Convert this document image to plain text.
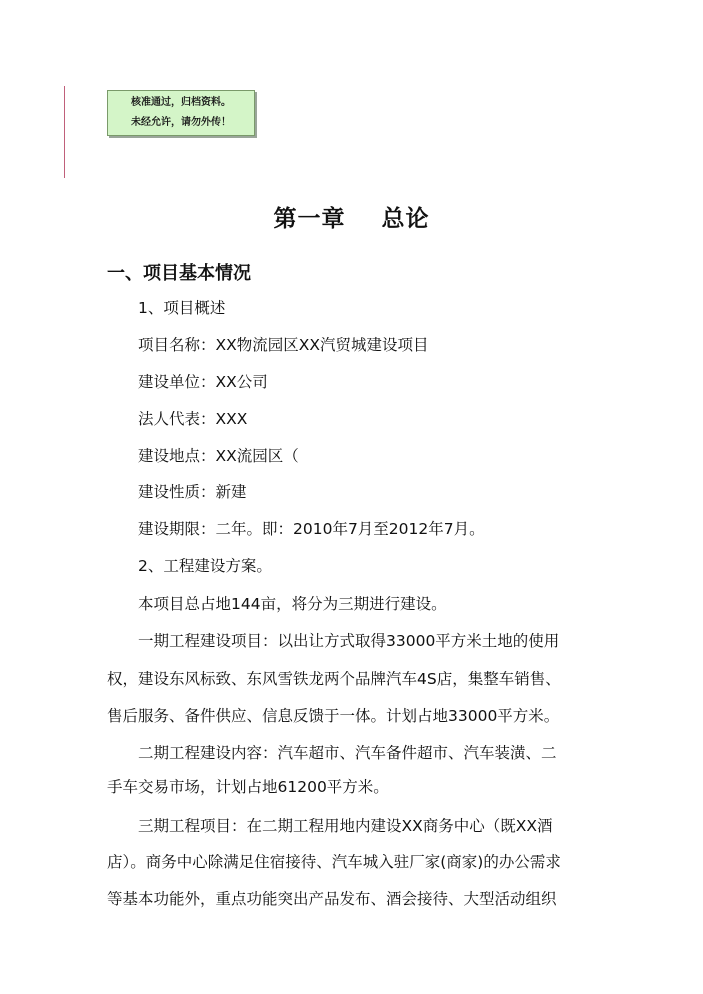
核准通过，归档资料。
未经允许，请勿外传！
第一章    总论
一、项目基本情况
1、项目概述
项目名称：XX物流园区XX汽贸城建设项目
建设单位：XX公司
法人代表：XXX
建设地点：XX流园区（
建设性质：新建
建设期限：二年。即：2010年7月至2012年7月。
2、工程建设方案。
本项目总占地144亩，将分为三期进行建设。
一期工程建设项目：以出让方式取得33000平方米土地的使用
权，建设东风标致、东风雪铁龙两个品牌汽车4S店，集整车销售、
售后服务、备件供应、信息反馈于一体。计划占地33000平方米。
二期工程建设内容：汽车超市、汽车备件超市、汽车装潢、二
手车交易市场，计划占地61200平方米。
三期工程项目：在二期工程用地内建设XX商务中心（既XX酒
店）。商务中心除满足住宿接待、汽车城入驻厂家(商家)的办公需求
等基本功能外，重点功能突出产品发布、酒会接待、大型活动组织
